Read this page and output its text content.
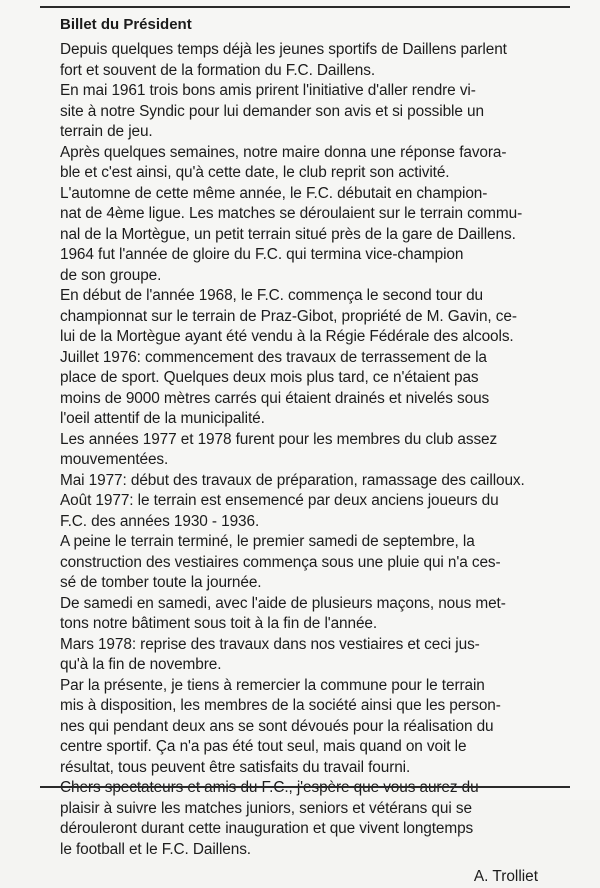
Billet du Président

Depuis quelques temps déjà les jeunes sportifs de Daillens parlent
fort et souvent de la formation du F.C. Daillens.

En mai 1961 trois bons amis prirent l'initiative d'aller rendre vi-
site à notre Syndic pour lui demander son avis et si possible un
terrain de jeu.

Après quelques semaines, notre maire donna une réponse favora-
ble et c'est ainsi, qu'à cette date, le club reprit son activité.

L'automne de cette même année, le F.C. débutait en champion-
nat de 4ème ligue. Les matches se déroulaient sur le terrain commu-
nal de la Mortègue, un petit terrain situé près de la gare de Daillens.

1964 fut l'année de gloire du F.C. qui termina vice-champion
de son groupe.

En début de l'année 1968, le F.C. commença le second tour du
championnat sur le terrain de Praz-Gibot, propriété de M. Gavin, ce-
lui de la Mortègue ayant été vendu à la Régie Fédérale des alcools.

Juillet 1976: commencement des travaux de terrassement de la
place de sport. Quelques deux mois plus tard, ce n'étaient pas
moins de 9000 mètres carrés qui étaient drainés et nivelés sous
l'oeil attentif de la municipalité.

Les années 1977 et 1978 furent pour les membres du club assez
mouvementées.

Mai 1977: début des travaux de préparation, ramassage des cailloux.

Août 1977: le terrain est ensemencé par deux anciens joueurs du
F.C. des années 1930 - 1936.

A peine le terrain terminé, le premier samedi de septembre, la
construction des vestiaires commença sous une pluie qui n'a ces-
sé de tomber toute la journée.

De samedi en samedi, avec l'aide de plusieurs maçons, nous met-
tons notre bâtiment sous toit à la fin de l'année.

Mars 1978: reprise des travaux dans nos vestiaires et ceci jus-
qu'à la fin de novembre.

Par la présente, je tiens à remercier la commune pour le terrain
mis à disposition, les membres de la société ainsi que les person-
nes qui pendant deux ans se sont dévoués pour la réalisation du
centre sportif. Ça n'a pas été tout seul, mais quand on voit le
résultat, tous peuvent être satisfaits du travail fourni.

plaisir à suivre les matches juniors, seniors et vétérans qui se
dérouleront durant cette inauguration et que vivent longtemps
le football et le F.C. Daillens.

A. Trolliet
